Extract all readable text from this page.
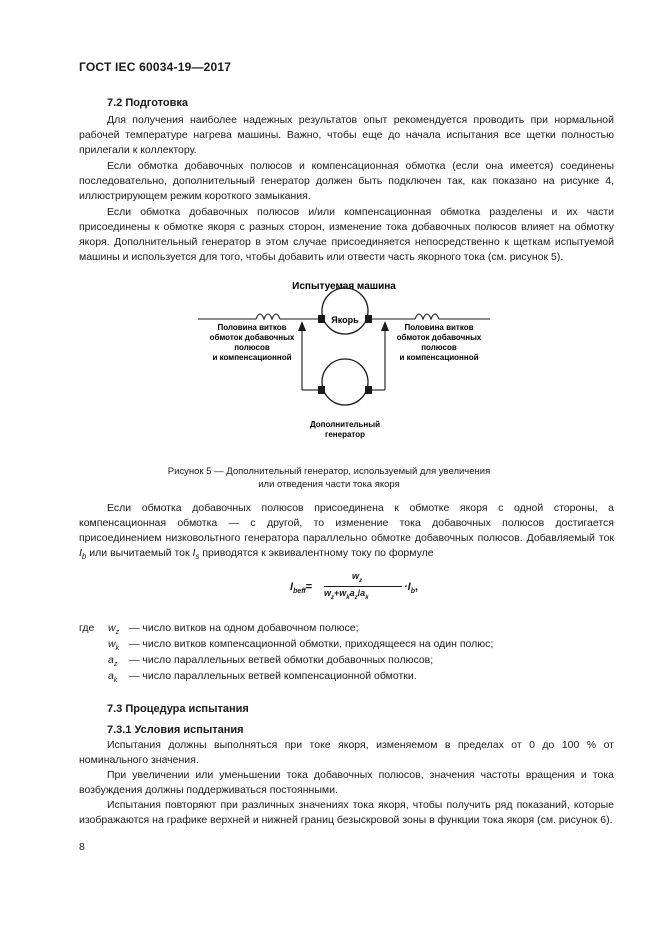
ГОСТ IEC 60034-19—2017
7.2 Подготовка

Для получения наиболее надежных результатов опыт рекомендуется проводить при нормальной рабочей температуре нагрева машины. Важно, чтобы еще до начала испытания все щетки полностью прилегали к коллектору.

Если обмотка добавочных полюсов и компенсационная обмотка (если она имеется) соединены последовательно, дополнительный генератор должен быть подключен так, как показано на рисунке 4, иллюстрирующем режим короткого замыкания.

Если обмотка добавочных полюсов и/или компенсационная обмотка разделены и их части присоединены к обмотке якоря с разных сторон, изменение тока добавочных полюсов влияет на обмотку якоря. Дополнительный генератор в этом случае присоединяется непосредственно к щеткам испытуемой машины и используется для того, чтобы добавить или отвести часть якорного тока (см. рисунок 5).

Испытуемая машина
Якорь
Половина витков
обмоток добавочных
полюсов
и компенсационной
Половина витков
обмоток добавочных
полюсов
и компенсационной
Дополнительный
генератор
Рисунок 5 — Дополнительный генератор, используемый для увеличения
или отведения части тока якоря

Если обмотка добавочных полюсов присоединена к обмотке якоря с одной стороны, а компенсационная обмотка — с другой, то изменение тока добавочных полюсов достигается присоединением низковольтного генератора параллельно обмотке добавочных полюсов. Добавляемый ток $I_b$ или вычитаемый ток $I_s$ приводятся к эквивалентному току по формуле

$I_{beff}=$
$w_z$
$w_z+w_ka_z/a_k$
$\cdot I_b$,
где $w_z$ — число витков на одном добавочном полюсе;
$w_k$ — число витков компенсационной обмотки, приходящееся на один полюс;
$a_z$ — число параллельных ветвей обмотки добавочных полюсов;
$a_k$ — число параллельных ветвей компенсационной обмотки.
7.3 Процедура испытания
7.3.1 Условия испытания

Испытания должны выполняться при токе якоря, изменяемом в пределах от 0 до 100 % от номинального значения.

При увеличении или уменьшении тока добавочных полюсов, значения частоты вращения и тока возбуждения должны поддерживаться постоянными.

Испытания повторяют при различных значениях тока якоря, чтобы получить ряд показаний, которые изображаются на графике верхней и нижней границ безыскровой зоны в функции тока якоря (см. рисунок 6).

8
